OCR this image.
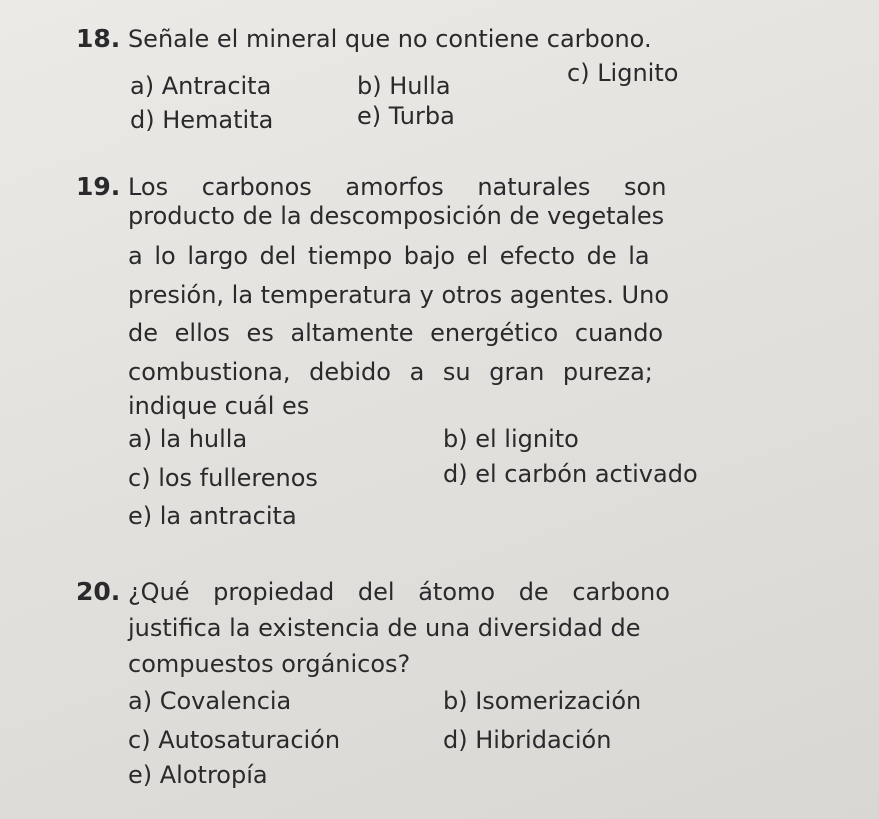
18. Señale el mineral que no contiene carbono.
a) Antracita	b) Hulla	c) Lignito
d) Hematita	e) Turba
19. Los carbonos amorfos naturales son
producto de la descomposición de vegetales
a lo largo del tiempo bajo el efecto de la
presión, la temperatura y otros agentes. Uno
de ellos es altamente energético cuando
combustiona, debido a su gran pureza;
indique cuál es
a) la hulla	b) el lignito
c) los fullerenos	d) el carbón activado
e) la antracita
20. ¿Qué propiedad del átomo de carbono
justifica la existencia de una diversidad de
compuestos orgánicos?
a) Covalencia	b) Isomerización
c) Autosaturación	d) Hibridación
e) Alotropía
